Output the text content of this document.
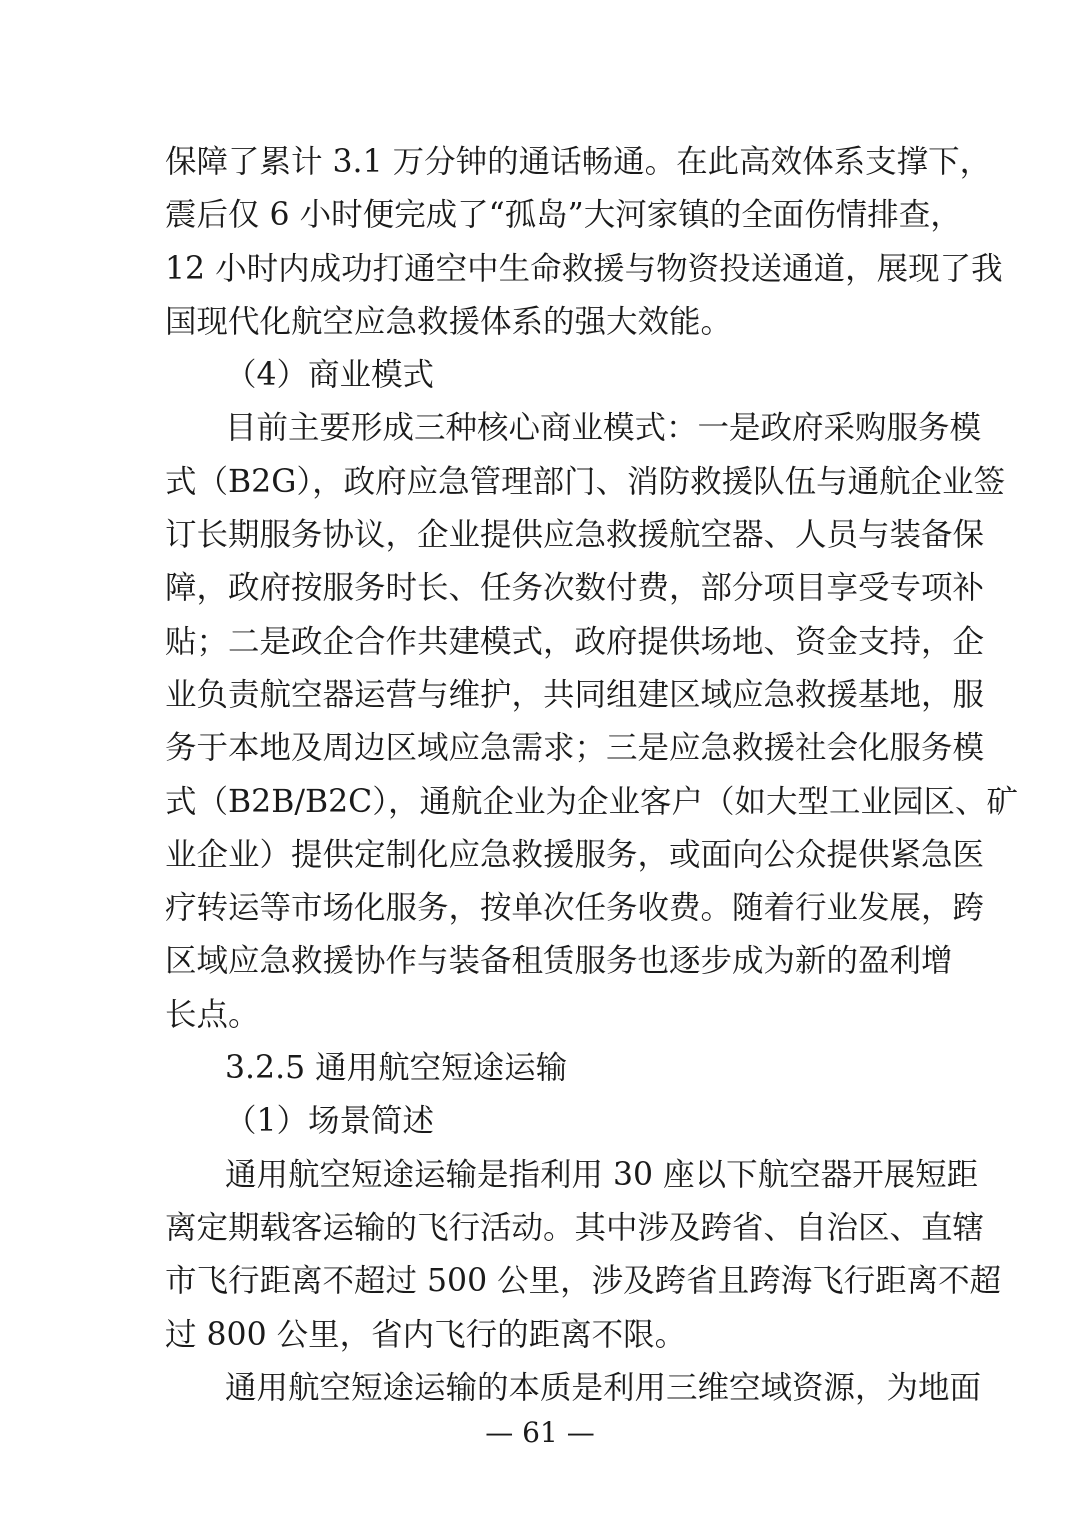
保障了累计 3.1 万分钟的通话畅通。在此高效体系支撑下，
震后仅 6 小时便完成了“孤岛”大河家镇的全面伤情排查，
12 小时内成功打通空中生命救援与物资投送通道，展现了我
国现代化航空应急救援体系的强大效能。
（4）商业模式
目前主要形成三种核心商业模式：一是政府采购服务模
式（B2G），政府应急管理部门、消防救援队伍与通航企业签
订长期服务协议，企业提供应急救援航空器、人员与装备保
障，政府按服务时长、任务次数付费，部分项目享受专项补
贴；二是政企合作共建模式，政府提供场地、资金支持，企
业负责航空器运营与维护，共同组建区域应急救援基地，服
务于本地及周边区域应急需求；三是应急救援社会化服务模
式（B2B/B2C），通航企业为企业客户（如大型工业园区、矿
业企业）提供定制化应急救援服务，或面向公众提供紧急医
疗转运等市场化服务，按单次任务收费。随着行业发展，跨
区域应急救援协作与装备租赁服务也逐步成为新的盈利增
长点。
3.2.5 通用航空短途运输
（1）场景简述
通用航空短途运输是指利用 30 座以下航空器开展短距
离定期载客运输的飞行活动。其中涉及跨省、自治区、直辖
市飞行距离不超过 500 公里，涉及跨省且跨海飞行距离不超
过 800 公里，省内飞行的距离不限。
通用航空短途运输的本质是利用三维空域资源，为地面
— 61 —
